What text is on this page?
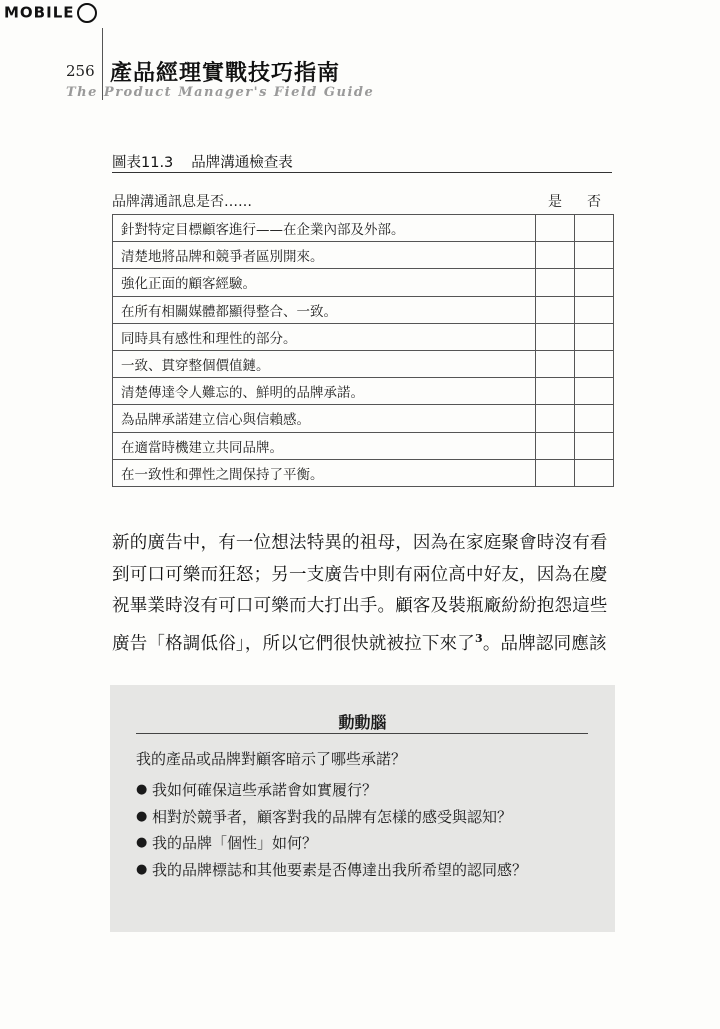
MOBILE
256 產品經理實戰技巧指南
The Product Manager's Field Guide
圖表11.3 品牌溝通檢查表
品牌溝通訊息是否……	是 否
針對特定目標顧客進行——在企業內部及外部。		
清楚地將品牌和競爭者區別開來。		
強化正面的顧客經驗。		
在所有相關媒體都顯得整合、一致。		
同時具有感性和理性的部分。		
一致、貫穿整個價值鏈。		
清楚傳達令人難忘的、鮮明的品牌承諾。		
為品牌承諾建立信心與信賴感。		
在適當時機建立共同品牌。		
在一致性和彈性之間保持了平衡。		

新的廣告中，有一位想法特異的祖母，因為在家庭聚會時沒有看

到可口可樂而狂怒；另一支廣告中則有兩位高中好友，因為在慶

祝畢業時沒有可口可樂而大打出手。顧客及裝瓶廠紛紛抱怨這些

廣告「格調低俗」，所以它們很快就被拉下來了$^3$。品牌認同應該

動動腦
我的產品或品牌對顧客暗示了哪些承諾？
● 我如何確保這些承諾會如實履行？
● 相對於競爭者，顧客對我的品牌有怎樣的感受與認知？
● 我的品牌「個性」如何？
● 我的品牌標誌和其他要素是否傳達出我所希望的認同感？
